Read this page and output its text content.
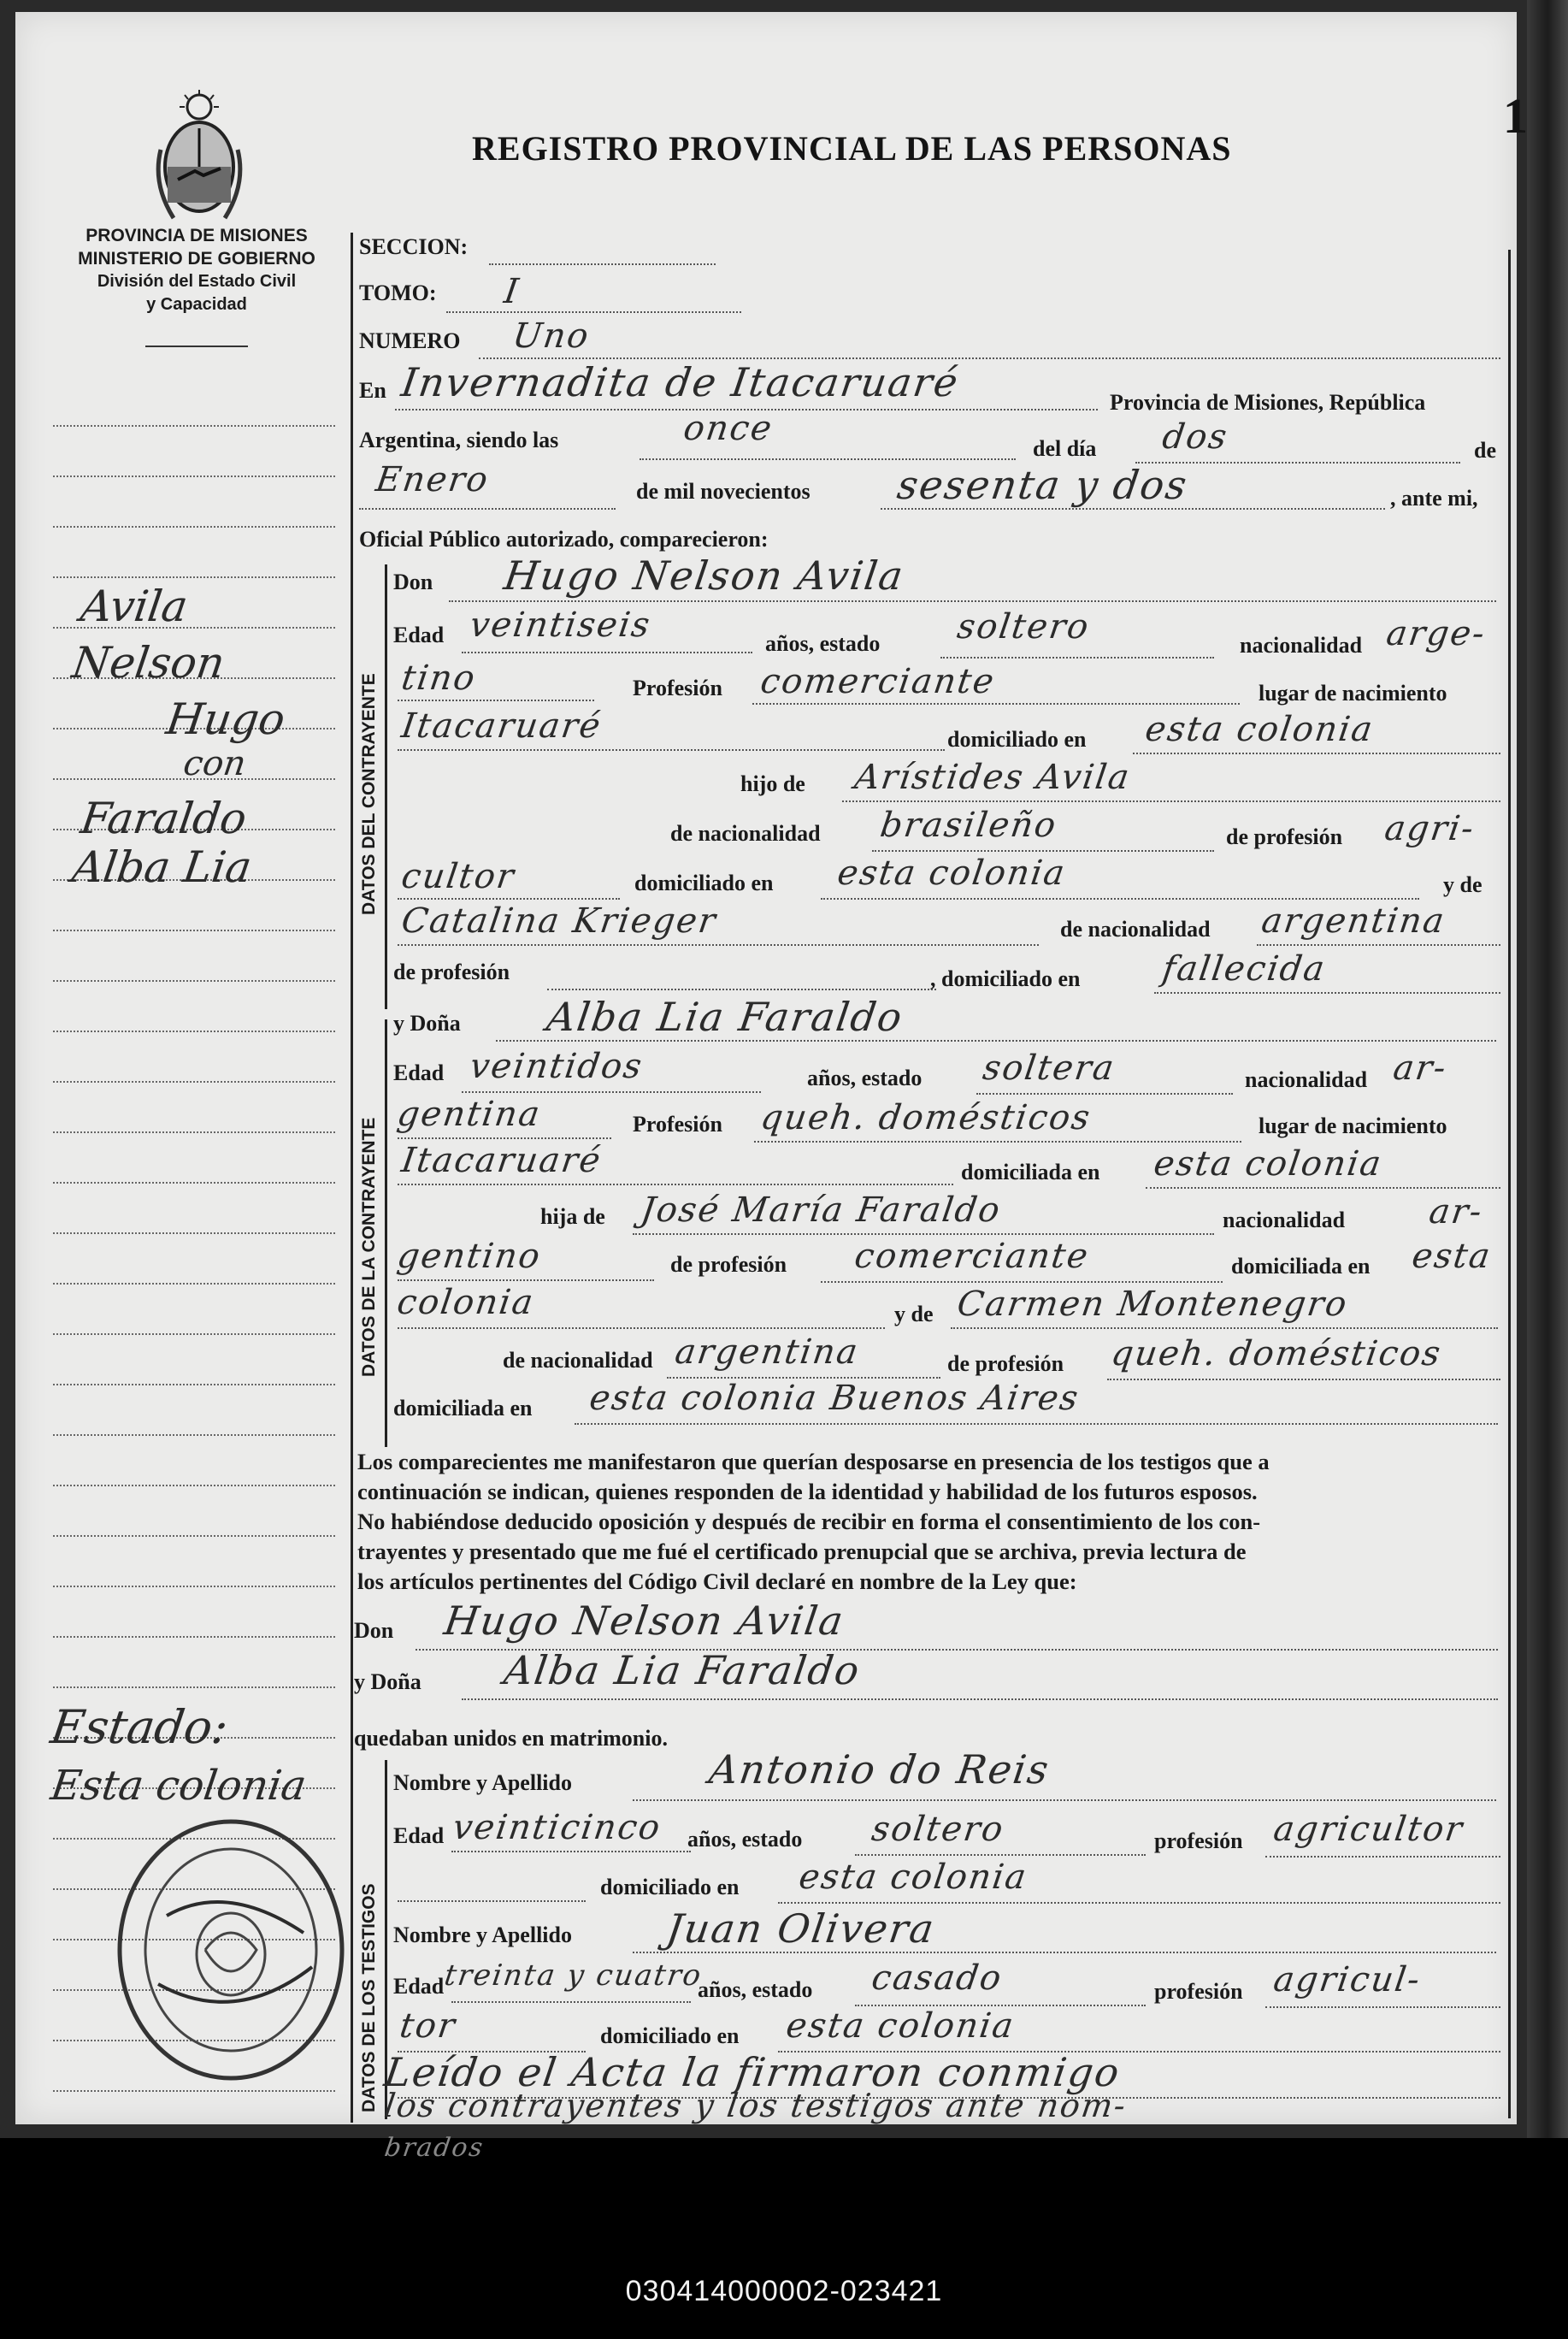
030414000002-023421
PROVINCIA DE MISIONES
MINISTERIO DE GOBIERNO
División del Estado Civil
y Capacidad
REGISTRO PROVINCIAL DE LAS PERSONAS
1
Avila
Nelson
Hugo
con
Faraldo
Alba Lia
Estado:
Esta colonia
SECCION:
TOMO: I
NUMERO Uno
En Invernadita de Itacaruaré	Provincia de Misiones, República
Argentina, siendo las	once
del día dos	de
Enero	de mil novecientos sesenta y dos	, ante mi,
Oficial Público autorizado, comparecieron:
DATOS DEL CONTRAYENTE
Don Hugo Nelson Avila
Edad veintiseis	años, estado soltero	nacionalidad arge-
tino	Profesión comerciante	lugar de nacimiento
Itacaruaré	domiciliado en esta colonia
hijo de Arístides Avila
de nacionalidad brasileño	de profesión agri-
cultor	domiciliado en esta colonia	y de
Catalina Krieger	de nacionalidad argentina
de profesión	, domiciliado en fallecida
DATOS DE LA CONTRAYENTE
y Doña Alba Lia Faraldo
Edad veintidos	años, estado soltera	nacionalidad ar-
gentina	Profesión queh. domésticos	lugar de nacimiento
Itacaruaré	domiciliada en esta colonia
hija de José María Faraldo	nacionalidad ar-
gentino	de profesión comerciante	domiciliada en esta
colonia	y de Carmen Montenegro
de nacionalidad argentina	de profesión queh. domésticos
domiciliada en esta colonia Buenos Aires
Los comparecientes me manifestaron que querían desposarse en presencia de los testigos que a
continuación se indican, quienes responden de la identidad y habilidad de los futuros esposos.
No habiéndose deducido oposición y después de recibir en forma el consentimiento de los con-
trayentes y presentado que me fué el certificado prenupcial que se archiva, previa lectura de
los artículos pertinentes del Código Civil declaré en nombre de la Ley que:
Don Hugo Nelson Avila
y Doña Alba Lia Faraldo
quedaban unidos en matrimonio.
DATOS DE LOS TESTIGOS
Nombre y Apellido	Antonio do Reis
Edad veinticinco años, estado soltero	profesión agricultor
domiciliado en esta colonia
Nombre y Apellido Juan Olivera
Edad
treinta y cuatro
años, estado casado	profesión agricul-
tor	domiciliado en esta colonia
Leído el Acta la firmaron conmigo
los contrayentes y los testigos ante nom-
brados
